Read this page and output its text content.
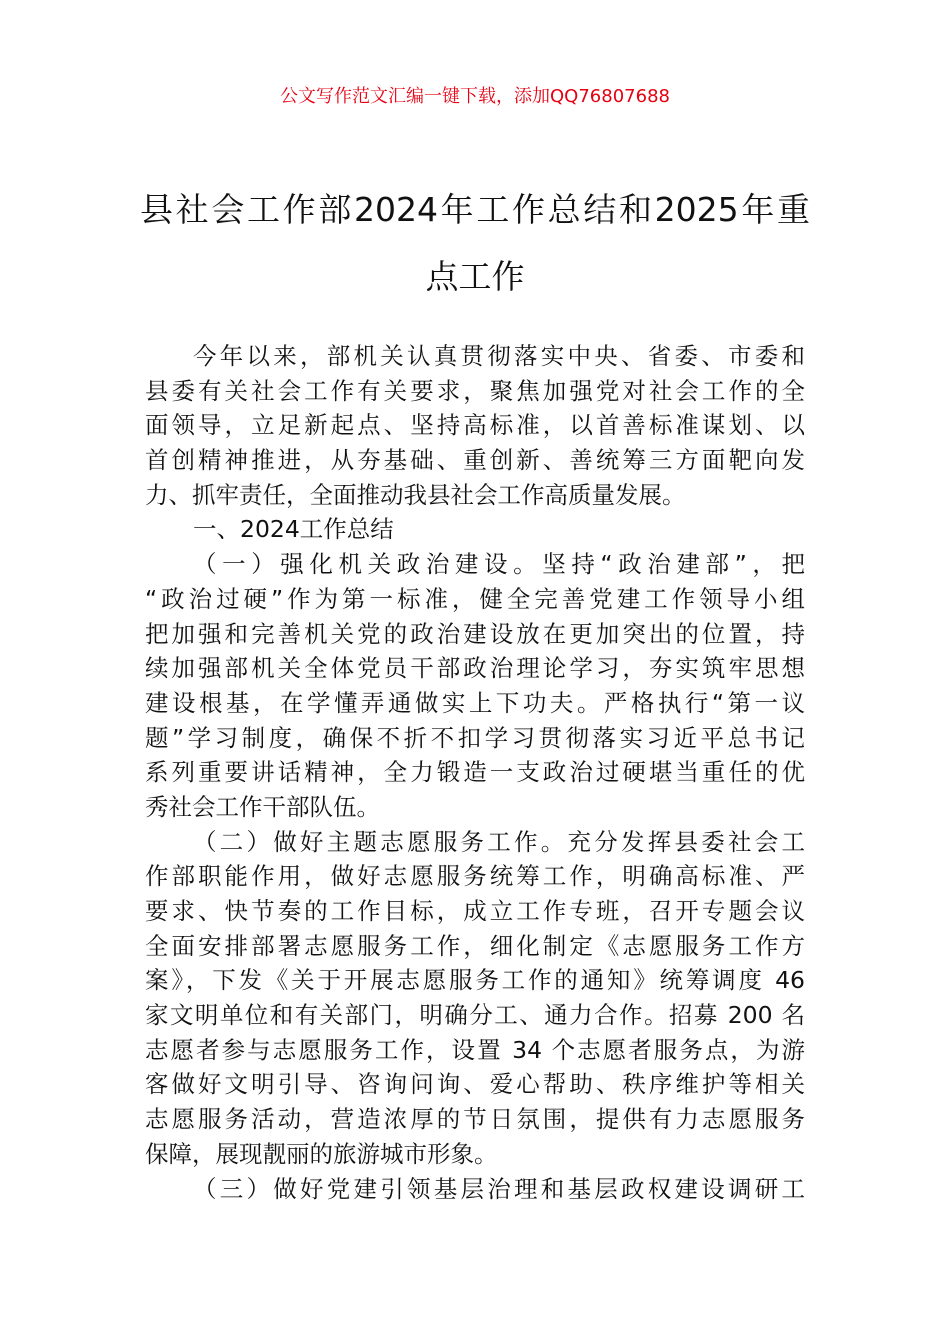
公文写作范文汇编一键下载，添加QQ76807688
县社会工作部2024年工作总结和2025年重
点工作
今年以来，部机关认真贯彻落实中央、省委、市委和
县委有关社会工作有关要求，聚焦加强党对社会工作的全
面领导，立足新起点、坚持高标准，以首善标准谋划、以
首创精神推进，从夯基础、重创新、善统筹三方面靶向发
力、抓牢责任，全面推动我县社会工作高质量发展。
一、2024工作总结
（一）强化机关政治建设。坚持“政治建部”，把
“政治过硬”作为第一标准，健全完善党建工作领导小组
把加强和完善机关党的政治建设放在更加突出的位置，持
续加强部机关全体党员干部政治理论学习，夯实筑牢思想
建设根基，在学懂弄通做实上下功夫。严格执行“第一议
题”学习制度，确保不折不扣学习贯彻落实习近平总书记
系列重要讲话精神，全力锻造一支政治过硬堪当重任的优
秀社会工作干部队伍。
（二）做好主题志愿服务工作。充分发挥县委社会工
作部职能作用，做好志愿服务统筹工作，明确高标准、严
要求、快节奏的工作目标，成立工作专班，召开专题会议
全面安排部署志愿服务工作，细化制定《志愿服务工作方
案》，下发《关于开展志愿服务工作的通知》统筹调度 46
家文明单位和有关部门，明确分工、通力合作。招募 200 名
志愿者参与志愿服务工作，设置 34 个志愿者服务点，为游
客做好文明引导、咨询问询、爱心帮助、秩序维护等相关
志愿服务活动，营造浓厚的节日氛围，提供有力志愿服务
保障，展现靓丽的旅游城市形象。
（三）做好党建引领基层治理和基层政权建设调研工
